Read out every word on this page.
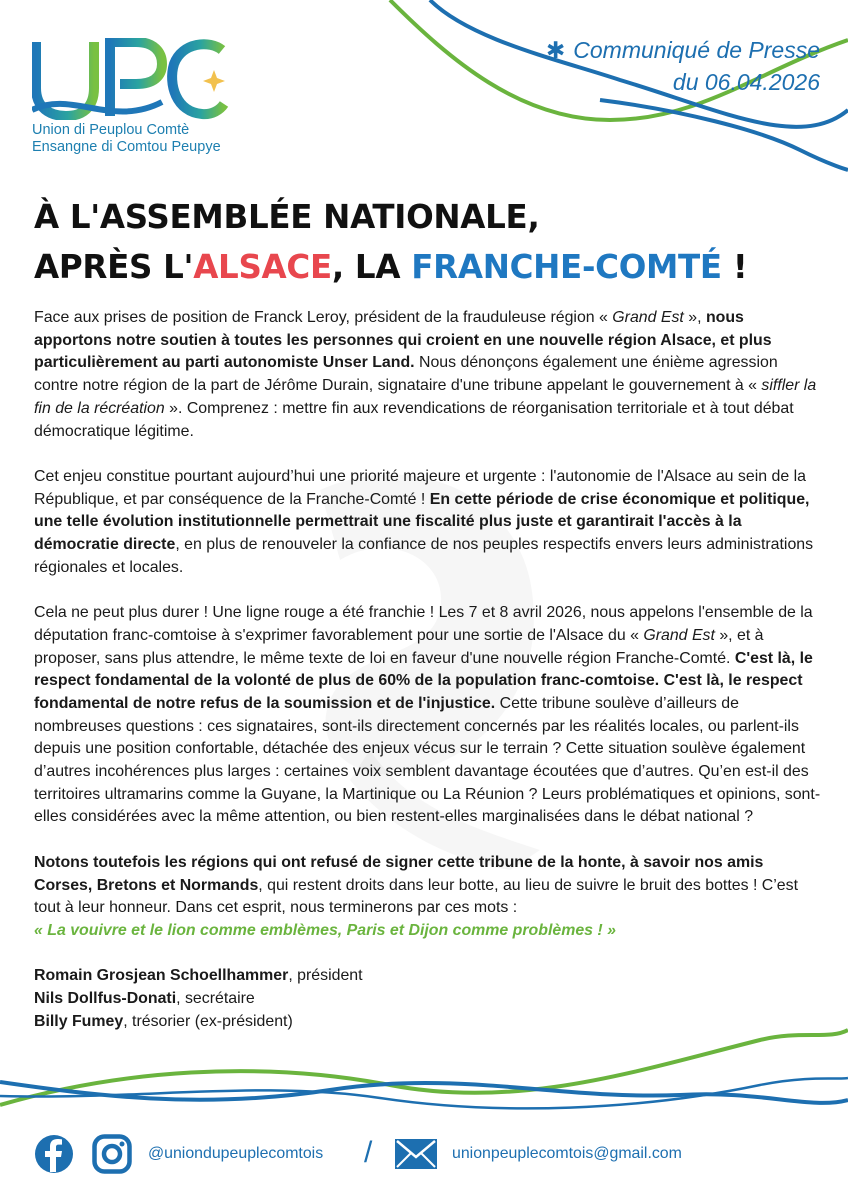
Union di Peuplou Comtè
Ensangne di Comtou Peupye
✱ Communiqué de Presse
du 06.04.2026
À L'ASSEMBLÉE NATIONALE,
APRÈS L'ALSACE, LA FRANCHE-COMTÉ !

Face aux prises de position de Franck Leroy, président de la frauduleuse région « Grand Est », nous apportons notre soutien à toutes les personnes qui croient en une nouvelle région Alsace, et plus particulièrement au parti autonomiste Unser Land. Nous dénonçons également une énième agression contre notre région de la part de Jérôme Durain, signataire d'une tribune appelant le gouvernement à « siffler la fin de la récréation ». Comprenez : mettre fin aux revendications de réorganisation territoriale et à tout débat démocratique légitime.

Cet enjeu constitue pourtant aujourd’hui une priorité majeure et urgente : l'autonomie de l'Alsace au sein de la République, et par conséquence de la Franche-Comté ! En cette période de crise économique et politique, une telle évolution institutionnelle permettrait une fiscalité plus juste et garantirait l'accès à la démocratie directe, en plus de renouveler la confiance de nos peuples respectifs envers leurs administrations régionales et locales.

Cela ne peut plus durer ! Une ligne rouge a été franchie ! Les 7 et 8 avril 2026, nous appelons l'ensemble de la députation franc-comtoise à s'exprimer favorablement pour une sortie de l'Alsace du « Grand Est », et à proposer, sans plus attendre, le même texte de loi en faveur d'une nouvelle région Franche-Comté. C'est là, le respect fondamental de la volonté de plus de 60% de la population franc-comtoise. C'est là, le respect fondamental de notre refus de la soumission et de l'injustice. Cette tribune soulève d’ailleurs de nombreuses questions : ces signataires, sont-ils directement concernés par les réalités locales, ou parlent-ils depuis une position confortable, détachée des enjeux vécus sur le terrain ? Cette situation soulève également d’autres incohérences plus larges : certaines voix semblent davantage écoutées que d’autres. Qu’en est-il des territoires ultramarins comme la Guyane, la Martinique ou La Réunion ? Leurs problématiques et opinions, sont-elles considérées avec la même attention, ou bien restent-elles marginalisées dans le débat national ?

Notons toutefois les régions qui ont refusé de signer cette tribune de la honte, à savoir nos amis Corses, Bretons et Normands, qui restent droits dans leur botte, au lieu de suivre le bruit des bottes ! C’est tout à leur honneur. Dans cet esprit, nous terminerons par ces mots :
« La vouivre et le lion comme emblèmes, Paris et Dijon comme problèmes ! »

Romain Grosjean Schoellhammer, président
Nils Dollfus-Donati, secrétaire
Billy Fumey, trésorier (ex-président)
@uniondupeuplecomtois /	unionpeuplecomtois@gmail.com
